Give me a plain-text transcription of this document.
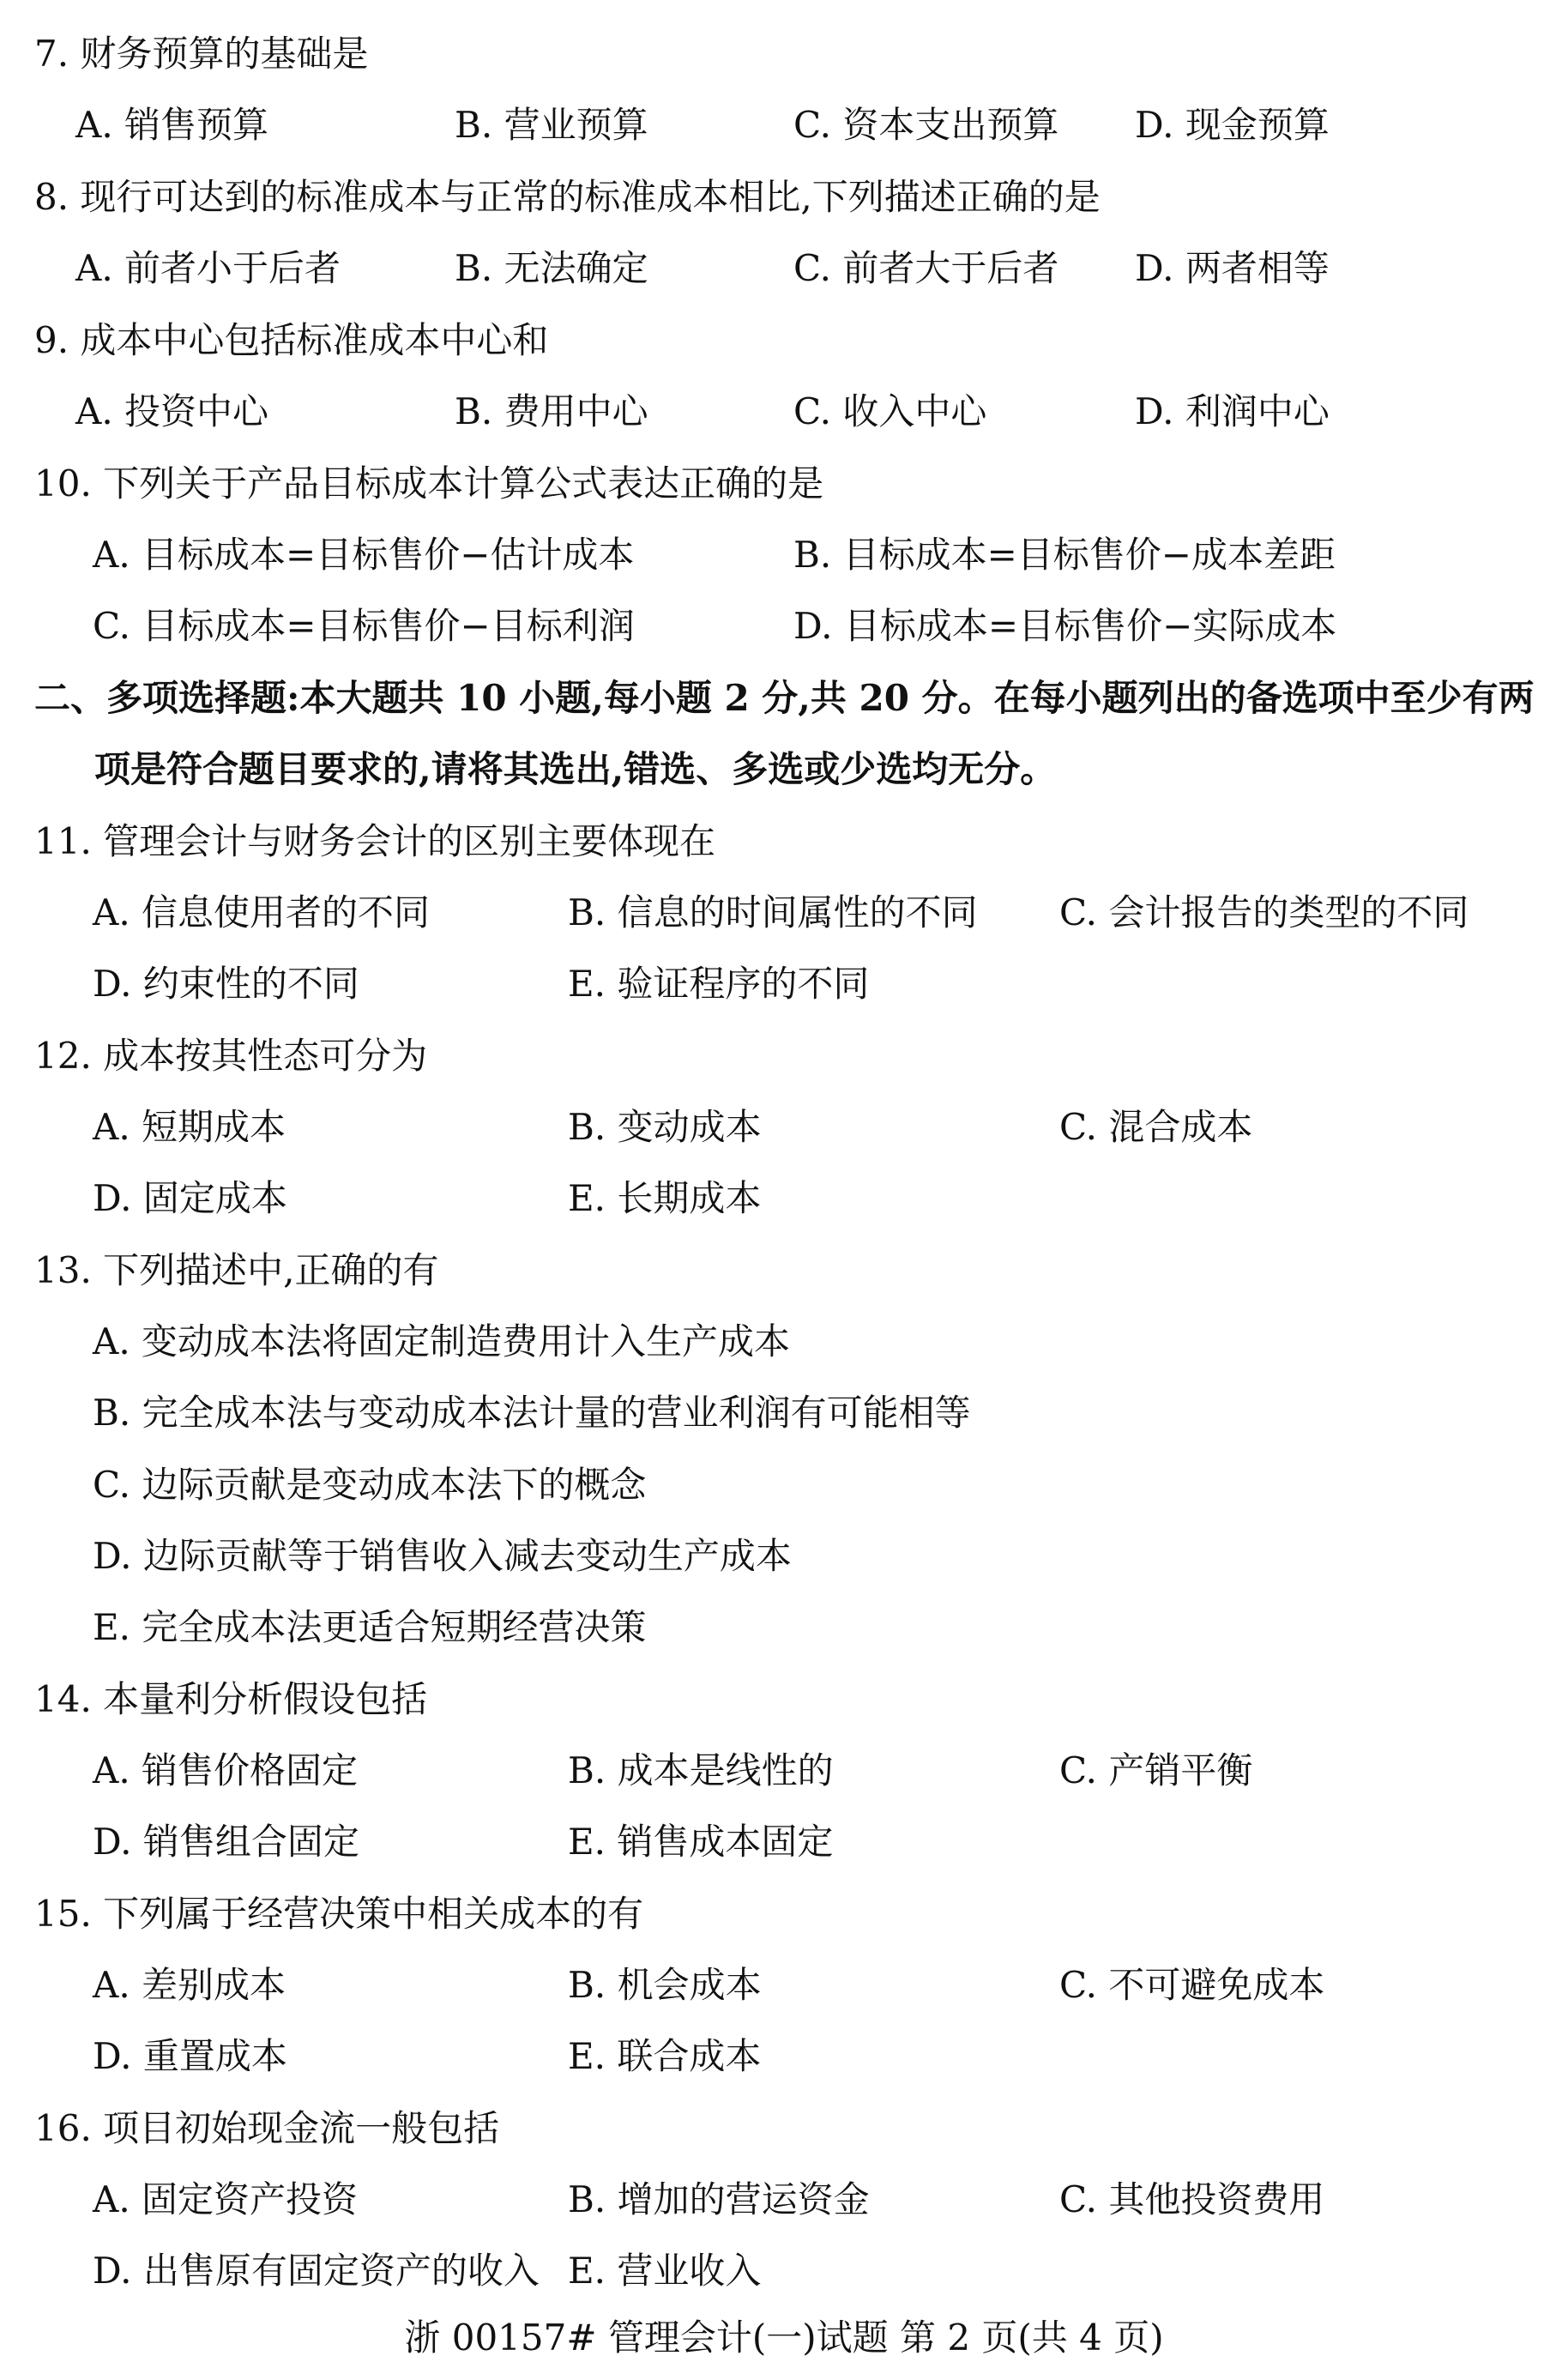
7. 财务预算的基础是
A. 销售预算	B. 营业预算	C. 资本支出预算 D. 现金预算
8. 现行可达到的标准成本与正常的标准成本相比,下列描述正确的是
A. 前者小于后者	B. 无法确定	C. 前者大于后者 D. 两者相等
9. 成本中心包括标准成本中心和
A. 投资中心	B. 费用中心	C. 收入中心	D. 利润中心
10. 下列关于产品目标成本计算公式表达正确的是
A. 目标成本=目标售价−估计成本	B. 目标成本=目标售价−成本差距
C. 目标成本=目标售价−目标利润	D. 目标成本=目标售价−实际成本
二、多项选择题:本大题共 10 小题,每小题 2 分,共 20 分。在每小题列出的备选项中至少有两
项是符合题目要求的,请将其选出,错选、多选或少选均无分。
11. 管理会计与财务会计的区别主要体现在
A. 信息使用者的不同	B. 信息的时间属性的不同 C. 会计报告的类型的不同
D. 约束性的不同	E. 验证程序的不同
12. 成本按其性态可分为
A. 短期成本	B. 变动成本	C. 混合成本
D. 固定成本	E. 长期成本
13. 下列描述中,正确的有
A. 变动成本法将固定制造费用计入生产成本
B. 完全成本法与变动成本法计量的营业利润有可能相等
C. 边际贡献是变动成本法下的概念
D. 边际贡献等于销售收入减去变动生产成本
E. 完全成本法更适合短期经营决策
14. 本量利分析假设包括
A. 销售价格固定	B. 成本是线性的	C. 产销平衡
D. 销售组合固定	E. 销售成本固定
15. 下列属于经营决策中相关成本的有
A. 差别成本	B. 机会成本	C. 不可避免成本
D. 重置成本	E. 联合成本
16. 项目初始现金流一般包括
A. 固定资产投资	B. 增加的营运资金	C. 其他投资费用
D. 出售原有固定资产的收入 E. 营业收入
浙 00157# 管理会计(一)试题 第 2 页(共 4 页)
